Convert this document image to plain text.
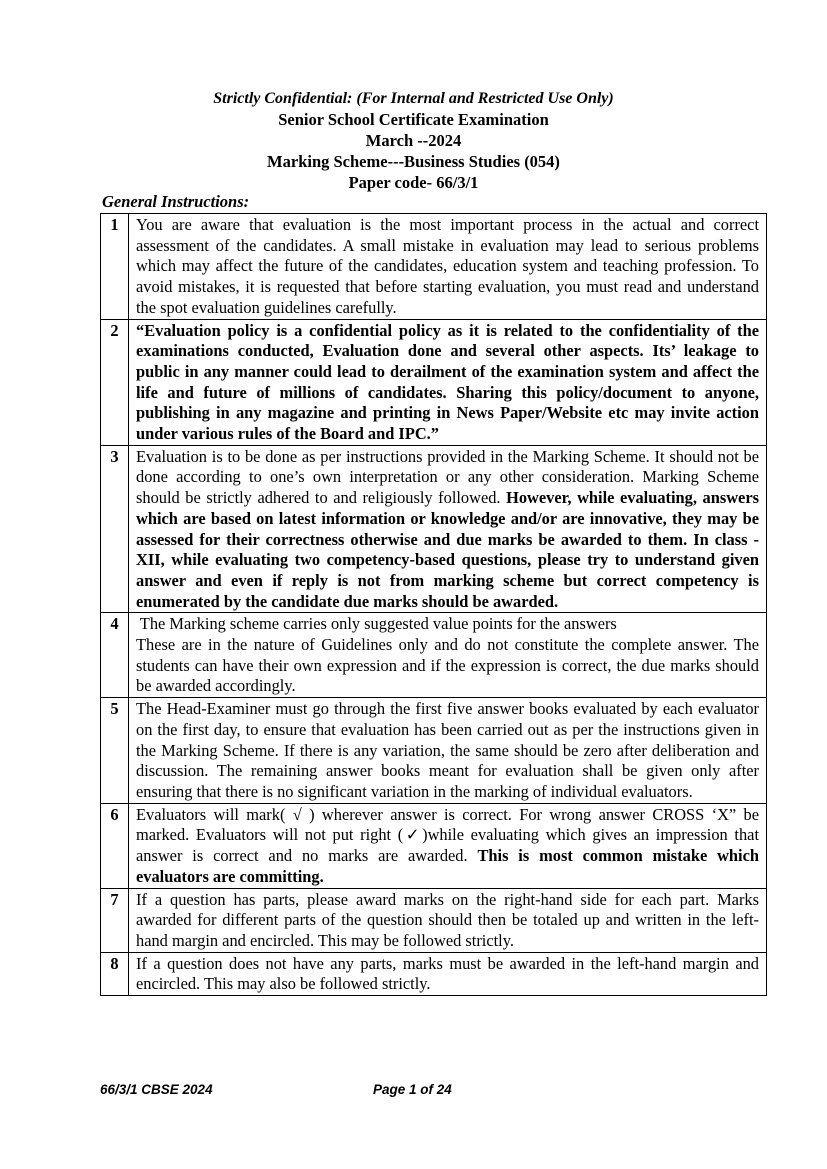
Strictly Confidential: (For Internal and Restricted Use Only)
Senior School Certificate Examination
March --2024
Marking Scheme---Business Studies (054)
Paper code- 66/3/1
General Instructions:
1	You are aware that evaluation is the most important process in the actual and correct assessment of the candidates. A small mistake in evaluation may lead to serious problems which may affect the future of the candidates, education system and teaching profession. To avoid mistakes, it is requested that before starting evaluation, you must read and understand the spot evaluation guidelines carefully.
2	“Evaluation policy is a confidential policy as it is related to the confidentiality of the examinations conducted, Evaluation done and several other aspects. Its’ leakage to public in any manner could lead to derailment of the examination system and affect the life and future of millions of candidates. Sharing this policy/document to anyone, publishing in any magazine and printing in News Paper/Website etc may invite action under various rules of the Board and IPC.”
3	Evaluation is to be done as per instructions provided in the Marking Scheme. It should not be done according to one’s own interpretation or any other consideration. Marking Scheme should be strictly adhered to and religiously followed. However, while evaluating, answers which are based on latest information or knowledge and/or are innovative, they may be assessed for their correctness otherwise and due marks be awarded to them. In class -XII, while evaluating two competency-based questions, please try to understand given answer and even if reply is not from marking scheme but correct competency is enumerated by the candidate due marks should be awarded.
4	The Marking scheme carries only suggested value points for the answers
These are in the nature of Guidelines only and do not constitute the complete answer. The students can have their own expression and if the expression is correct, the due marks should be awarded accordingly.

5	The Head-Examiner must go through the first five answer books evaluated by each evaluator on the first day, to ensure that evaluation has been carried out as per the instructions given in the Marking Scheme. If there is any variation, the same should be zero after deliberation and discussion. The remaining answer books meant for evaluation shall be given only after ensuring that there is no significant variation in the marking of individual evaluators.
6	Evaluators will mark( √ ) wherever answer is correct. For wrong answer CROSS ‘X” be marked. Evaluators will not put right (✓)while evaluating which gives an impression that answer is correct and no marks are awarded. This is most common mistake which evaluators are committing.
7	If a question has parts, please award marks on the right-hand side for each part. Marks awarded for different parts of the question should then be totaled up and written in the left-hand margin and encircled. This may be followed strictly.
8	If a question does not have any parts, marks must be awarded in the left-hand margin and encircled. This may also be followed strictly.
66/3/1 CBSE 2024	Page 1 of 24
